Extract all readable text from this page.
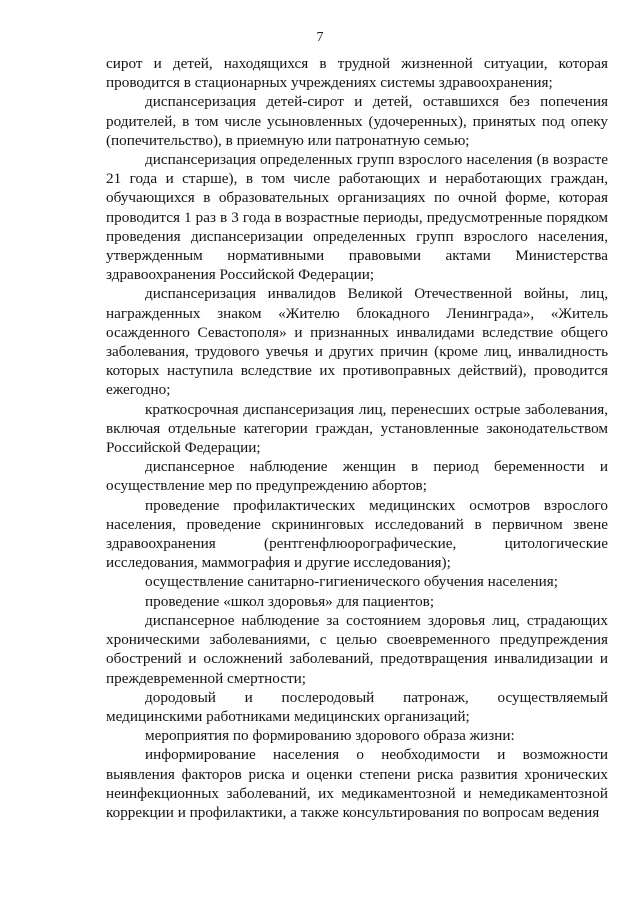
7

сирот и детей, находящихся в трудной жизненной ситуации, которая проводится в стационарных учреждениях системы здравоохранения;

диспансеризация детей-сирот и детей, оставшихся без попечения родителей, в том числе усыновленных (удочеренных), принятых под опеку (попечительство), в приемную или патронатную семью;

диспансеризация определенных групп взрослого населения (в возрасте 21 года и старше), в том числе работающих и неработающих граждан, обучающихся в образовательных организациях по очной форме, которая проводится 1 раз в 3 года в возрастные периоды, предусмотренные порядком проведения диспансеризации определенных групп взрослого населения, утвержденным нормативными правовыми актами Министерства здравоохранения Российской Федерации;

диспансеризация инвалидов Великой Отечественной войны, лиц, награжденных знаком «Жителю блокадного Ленинграда», «Житель осажденного Севастополя» и признанных инвалидами вследствие общего заболевания, трудового увечья и других причин (кроме лиц, инвалидность которых наступила вследствие их противоправных действий), проводится ежегодно;

краткосрочная диспансеризация лиц, перенесших острые заболевания, включая отдельные категории граждан, установленные законодательством Российской Федерации;

диспансерное наблюдение женщин в период беременности и осуществление мер по предупреждению абортов;

проведение профилактических медицинских осмотров взрослого населения, проведение скрининговых исследований в первичном звене здравоохранения (рентгенфлюорографические, цитологические исследования, маммография и другие исследования);

осуществление санитарно-гигиенического обучения населения;

проведение «школ здоровья» для пациентов;

диспансерное наблюдение за состоянием здоровья лиц, страдающих хроническими заболеваниями, с целью своевременного предупреждения обострений и осложнений заболеваний, предотвращения инвалидизации и преждевременной смертности;

дородовый и послеродовый патронаж, осуществляемый медицинскими работниками медицинских организаций;

мероприятия по формированию здорового образа жизни:

информирование населения о необходимости и возможности выявления факторов риска и оценки степени риска развития хронических неинфекционных заболеваний, их медикаментозной и немедикаментозной коррекции и профилактики, а также консультирования по вопросам ведения
